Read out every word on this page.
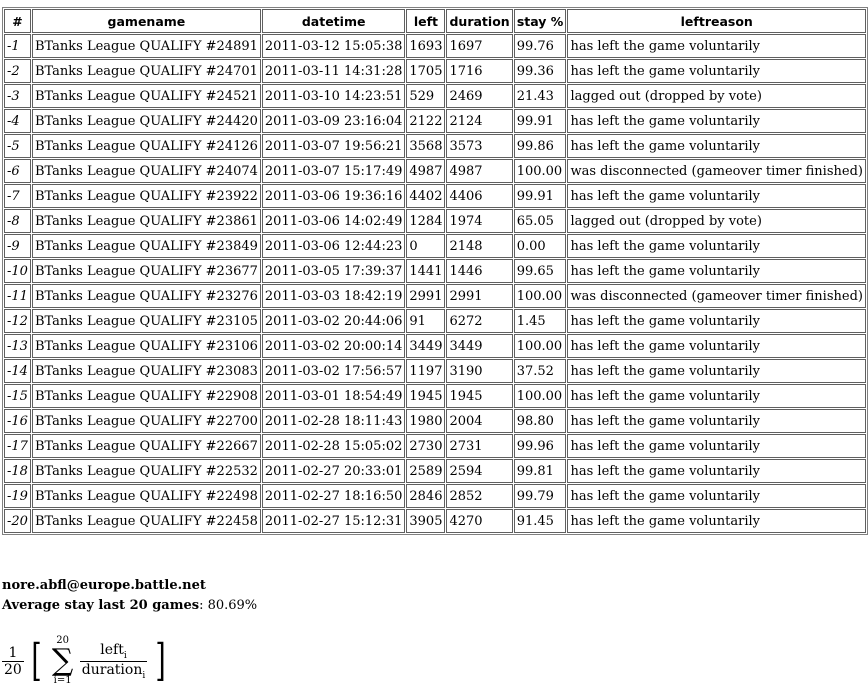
#	gamename	datetime	left	duration	stay %	leftreason
-1	BTanks League QUALIFY #24891	2011-03-12 15:05:38	1693	1697	99.76	has left the game voluntarily
-2	BTanks League QUALIFY #24701	2011-03-11 14:31:28	1705	1716	99.36	has left the game voluntarily
-3	BTanks League QUALIFY #24521	2011-03-10 14:23:51	529	2469	21.43	lagged out (dropped by vote)
-4	BTanks League QUALIFY #24420	2011-03-09 23:16:04	2122	2124	99.91	has left the game voluntarily
-5	BTanks League QUALIFY #24126	2011-03-07 19:56:21	3568	3573	99.86	has left the game voluntarily
-6	BTanks League QUALIFY #24074	2011-03-07 15:17:49	4987	4987	100.00	was disconnected (gameover timer finished)
-7	BTanks League QUALIFY #23922	2011-03-06 19:36:16	4402	4406	99.91	has left the game voluntarily
-8	BTanks League QUALIFY #23861	2011-03-06 14:02:49	1284	1974	65.05	lagged out (dropped by vote)
-9	BTanks League QUALIFY #23849	2011-03-06 12:44:23	0	2148	0.00	has left the game voluntarily
-10	BTanks League QUALIFY #23677	2011-03-05 17:39:37	1441	1446	99.65	has left the game voluntarily
-11	BTanks League QUALIFY #23276	2011-03-03 18:42:19	2991	2991	100.00	was disconnected (gameover timer finished)
-12	BTanks League QUALIFY #23105	2011-03-02 20:44:06	91	6272	1.45	has left the game voluntarily
-13	BTanks League QUALIFY #23106	2011-03-02 20:00:14	3449	3449	100.00	has left the game voluntarily
-14	BTanks League QUALIFY #23083	2011-03-02 17:56:57	1197	3190	37.52	has left the game voluntarily
-15	BTanks League QUALIFY #22908	2011-03-01 18:54:49	1945	1945	100.00	has left the game voluntarily
-16	BTanks League QUALIFY #22700	2011-02-28 18:11:43	1980	2004	98.80	has left the game voluntarily
-17	BTanks League QUALIFY #22667	2011-02-28 15:05:02	2730	2731	99.96	has left the game voluntarily
-18	BTanks League QUALIFY #22532	2011-02-27 20:33:01	2589	2594	99.81	has left the game voluntarily
-19	BTanks League QUALIFY #22498	2011-02-27 18:16:50	2846	2852	99.79	has left the game voluntarily
-20	BTanks League QUALIFY #22458	2011-02-27 15:12:31	3905	4270	91.45	has left the game voluntarily
nore.abfl@europe.battle.net
Average stay last 20 games: 80.69%
$\frac{1}{20}$ [	20
∑
i=1

$\frac{left_i}{duration_i}$ ]
